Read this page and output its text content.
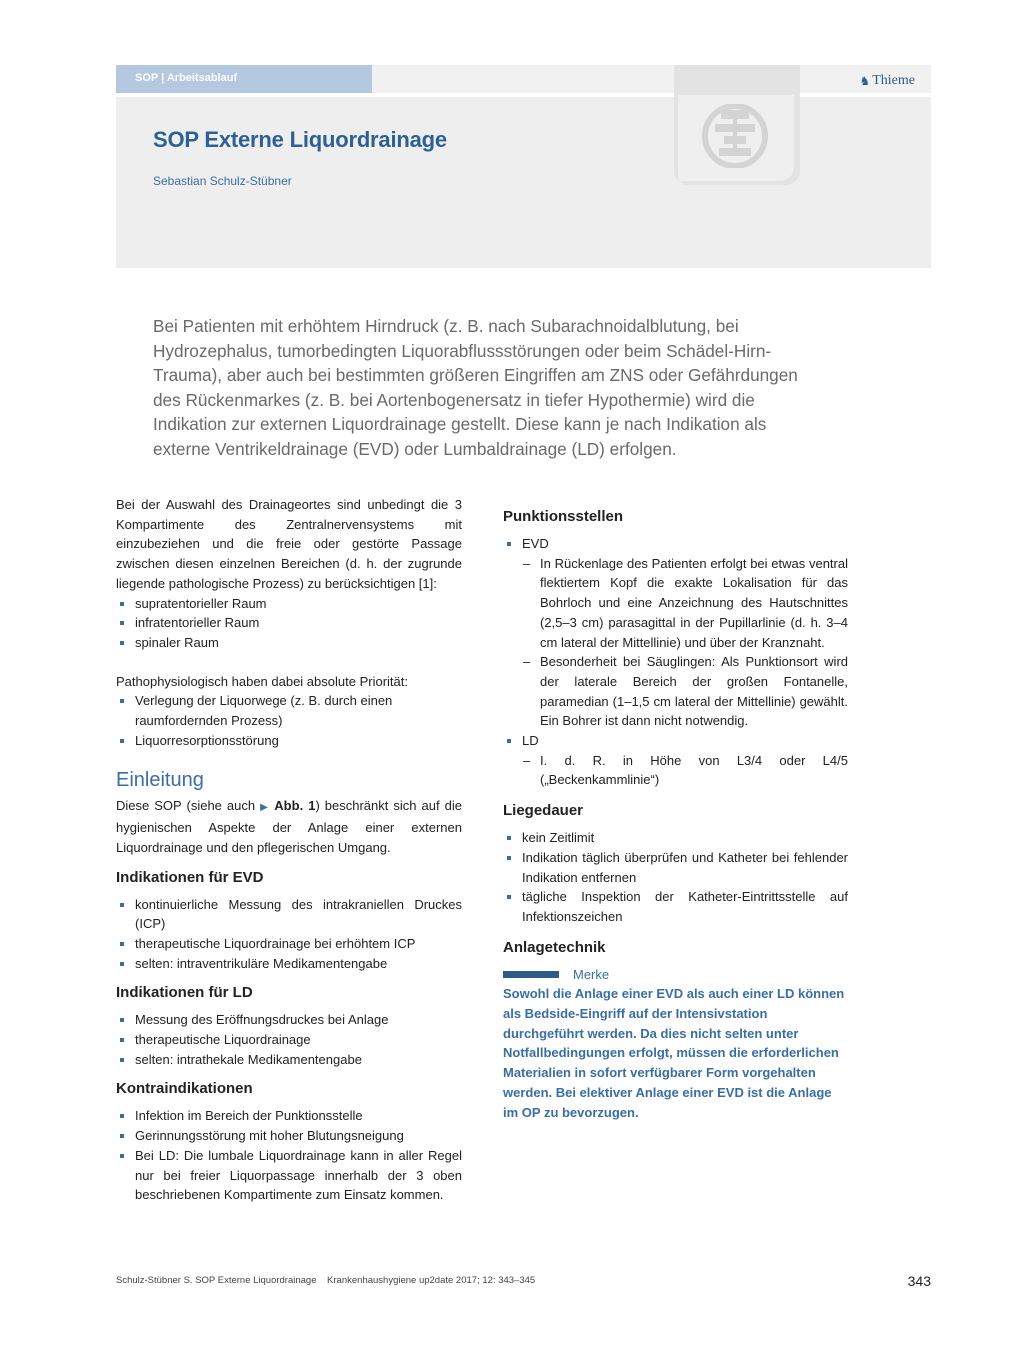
SOP | Arbeitsablauf	♞ Thieme
SOP Externe Liquordrainage
Sebastian Schulz-Stübner
Bei Patienten mit erhöhtem Hirndruck (z. B. nach Subarachnoidalblutung, bei Hydrozephalus, tumorbedingten Liquorabflussstörungen oder beim Schädel-Hirn-Trauma), aber auch bei bestimmten größeren Eingriffen am ZNS oder Gefährdungen des Rückenmarkes (z. B. bei Aortenbogenersatz in tiefer Hypothermie) wird die Indikation zur externen Liquordrainage gestellt. Diese kann je nach Indikation als externe Ventrikeldrainage (EVD) oder Lumbaldrainage (LD) erfolgen.

Bei der Auswahl des Drainageortes sind unbedingt die 3 Kompartimente des Zentralnervensystems mit einzubeziehen und die freie oder gestörte Passage zwischen diesen einzelnen Bereichen (d. h. der zugrunde liegende pathologische Prozess) zu berücksichtigen [1]:

supratentorieller Raum
infratentorieller Raum
spinaler Raum

Pathophysiologisch haben dabei absolute Priorität:

Verlegung der Liquorwege (z. B. durch einen raumfordernden Prozess)
Liquorresorptionsstörung
Einleitung

Diese SOP (siehe auch ▶ Abb. 1) beschränkt sich auf die hygienischen Aspekte der Anlage einer externen Liquordrainage und den pflegerischen Umgang.

Indikationen für EVD
kontinuierliche Messung des intrakraniellen Druckes (ICP)
therapeutische Liquordrainage bei erhöhtem ICP
selten: intraventrikuläre Medikamentengabe
Indikationen für LD
Messung des Eröffnungsdruckes bei Anlage
therapeutische Liquordrainage
selten: intrathekale Medikamentengabe
Kontraindikationen
Infektion im Bereich der Punktionsstelle
Gerinnungsstörung mit hoher Blutungsneigung
Bei LD: Die lumbale Liquordrainage kann in aller Regel nur bei freier Liquorpassage innerhalb der 3 oben beschriebenen Kompartimente zum Einsatz kommen.
Punktionsstellen
EVD
– In Rückenlage des Patienten erfolgt bei etwas ventral flektiertem Kopf die exakte Lokalisation für das Bohrloch und eine Anzeichnung des Hautschnittes (2,5–3 cm) parasagittal in der Pupillarlinie (d. h. 3–4 cm lateral der Mittellinie) und über der Kranznaht.
– Besonderheit bei Säuglingen: Als Punktionsort wird der laterale Bereich der großen Fontanelle, paramedian (1–1,5 cm lateral der Mittellinie) gewählt. Ein Bohrer ist dann nicht notwendig.
LD
– I. d. R. in Höhe von L3/4 oder L4/5 („Beckenkammlinie“)
Liegedauer
kein Zeitlimit
Indikation täglich überprüfen und Katheter bei fehlender Indikation entfernen
tägliche Inspektion der Katheter-Eintrittsstelle auf Infektionszeichen
Anlagetechnik
Merke

Sowohl die Anlage einer EVD als auch einer LD können als Bedside-Eingriff auf der Intensivstation durchgeführt werden. Da dies nicht selten unter Notfallbedingungen erfolgt, müssen die erforderlichen Materialien in sofort verfügbarer Form vorgehalten werden. Bei elektiver Anlage einer EVD ist die Anlage im OP zu bevorzugen.

Schulz-Stübner S. SOP Externe Liquordrainage    Krankenhaushygiene up2date 2017; 12: 343–345	343
